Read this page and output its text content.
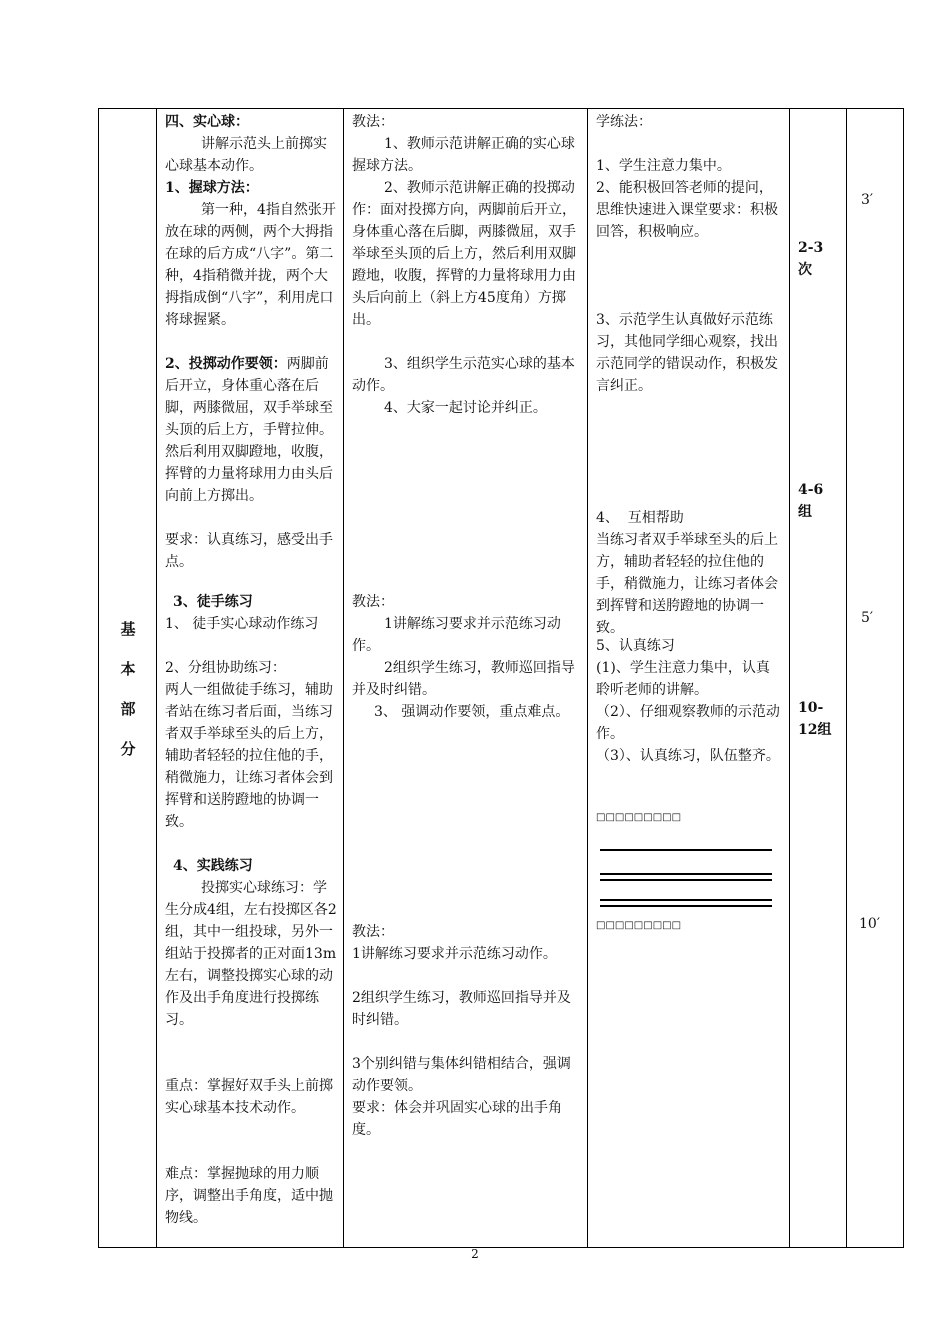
基
本
部
分
四、实心球：
讲解示范头上前掷实心球基本动作。
1、握球方法：
第一种，4指自然张开放在球的两侧，两个大拇指在球的后方成“八字”。第二种，4指稍微并拢，两个大拇指成倒“八字”，利用虎口将球握紧。
2、投掷动作要领：两脚前后开立，身体重心落在后脚，两膝微屈，双手举球至头顶的后上方，手臂拉伸。然后利用双脚蹬地，收腹，挥臂的力量将球用力由头后向前上方掷出。
要求：认真练习，感受出手点。
3、徒手练习
1、 徒手实心球动作练习
2、分组协助练习：
两人一组做徒手练习，辅助者站在练习者后面，当练习者双手举球至头的后上方，辅助者轻轻的拉住他的手，稍微施力，让练习者体会到挥臂和送胯蹬地的协调一致。
4、实践练习
投掷实心球练习：学生分成4组，左右投掷区各2组，其中一组投球，另外一组站于投掷者的正对面13m左右，调整投掷实心球的动作及出手角度进行投掷练习。
重点：掌握好双手头上前掷实心球基本技术动作。
难点：掌握抛球的用力顺序，调整出手角度，适中抛物线。
教法：
1、教师示范讲解正确的实心球握球方法。
2、教师示范讲解正确的投掷动作：面对投掷方向，两脚前后开立，身体重心落在后脚，两膝微屈，双手举球至头顶的后上方，然后利用双脚蹬地，收腹，挥臂的力量将球用力由头后向前上（斜上方45度角）方掷出。
3、组织学生示范实心球的基本动作。
4、大家一起讨论并纠正。
教法：
1讲解练习要求并示范练习动作。
2组织学生练习，教师巡回指导并及时纠错。
3、 强调动作要领，重点难点。
教法：
1讲解练习要求并示范练习动作。
2组织学生练习，教师巡回指导并及时纠错。
3个别纠错与集体纠错相结合，强调动作要领。
要求：体会并巩固实心球的出手角度。
学练法：
1、学生注意力集中。
2、能积极回答老师的提问，思维快速进入课堂要求：积极回答，积极响应。
3、示范学生认真做好示范练习，其他同学细心观察，找出示范同学的错误动作，积极发言纠正。
4、  互相帮助
当练习者双手举球至头的后上方，辅助者轻轻的拉住他的手，稍微施力，让练习者体会到挥臂和送胯蹬地的协调一致。
5、认真练习
(1)、学生注意力集中，认真聆听老师的讲解。
（2）、仔细观察教师的示范动作。
（3）、认真练习，队伍整齐。
□□□□□□□□□
□□□□□□□□□
2-3
次
4-6
组
10-
12组
3′
5′
10′
2
